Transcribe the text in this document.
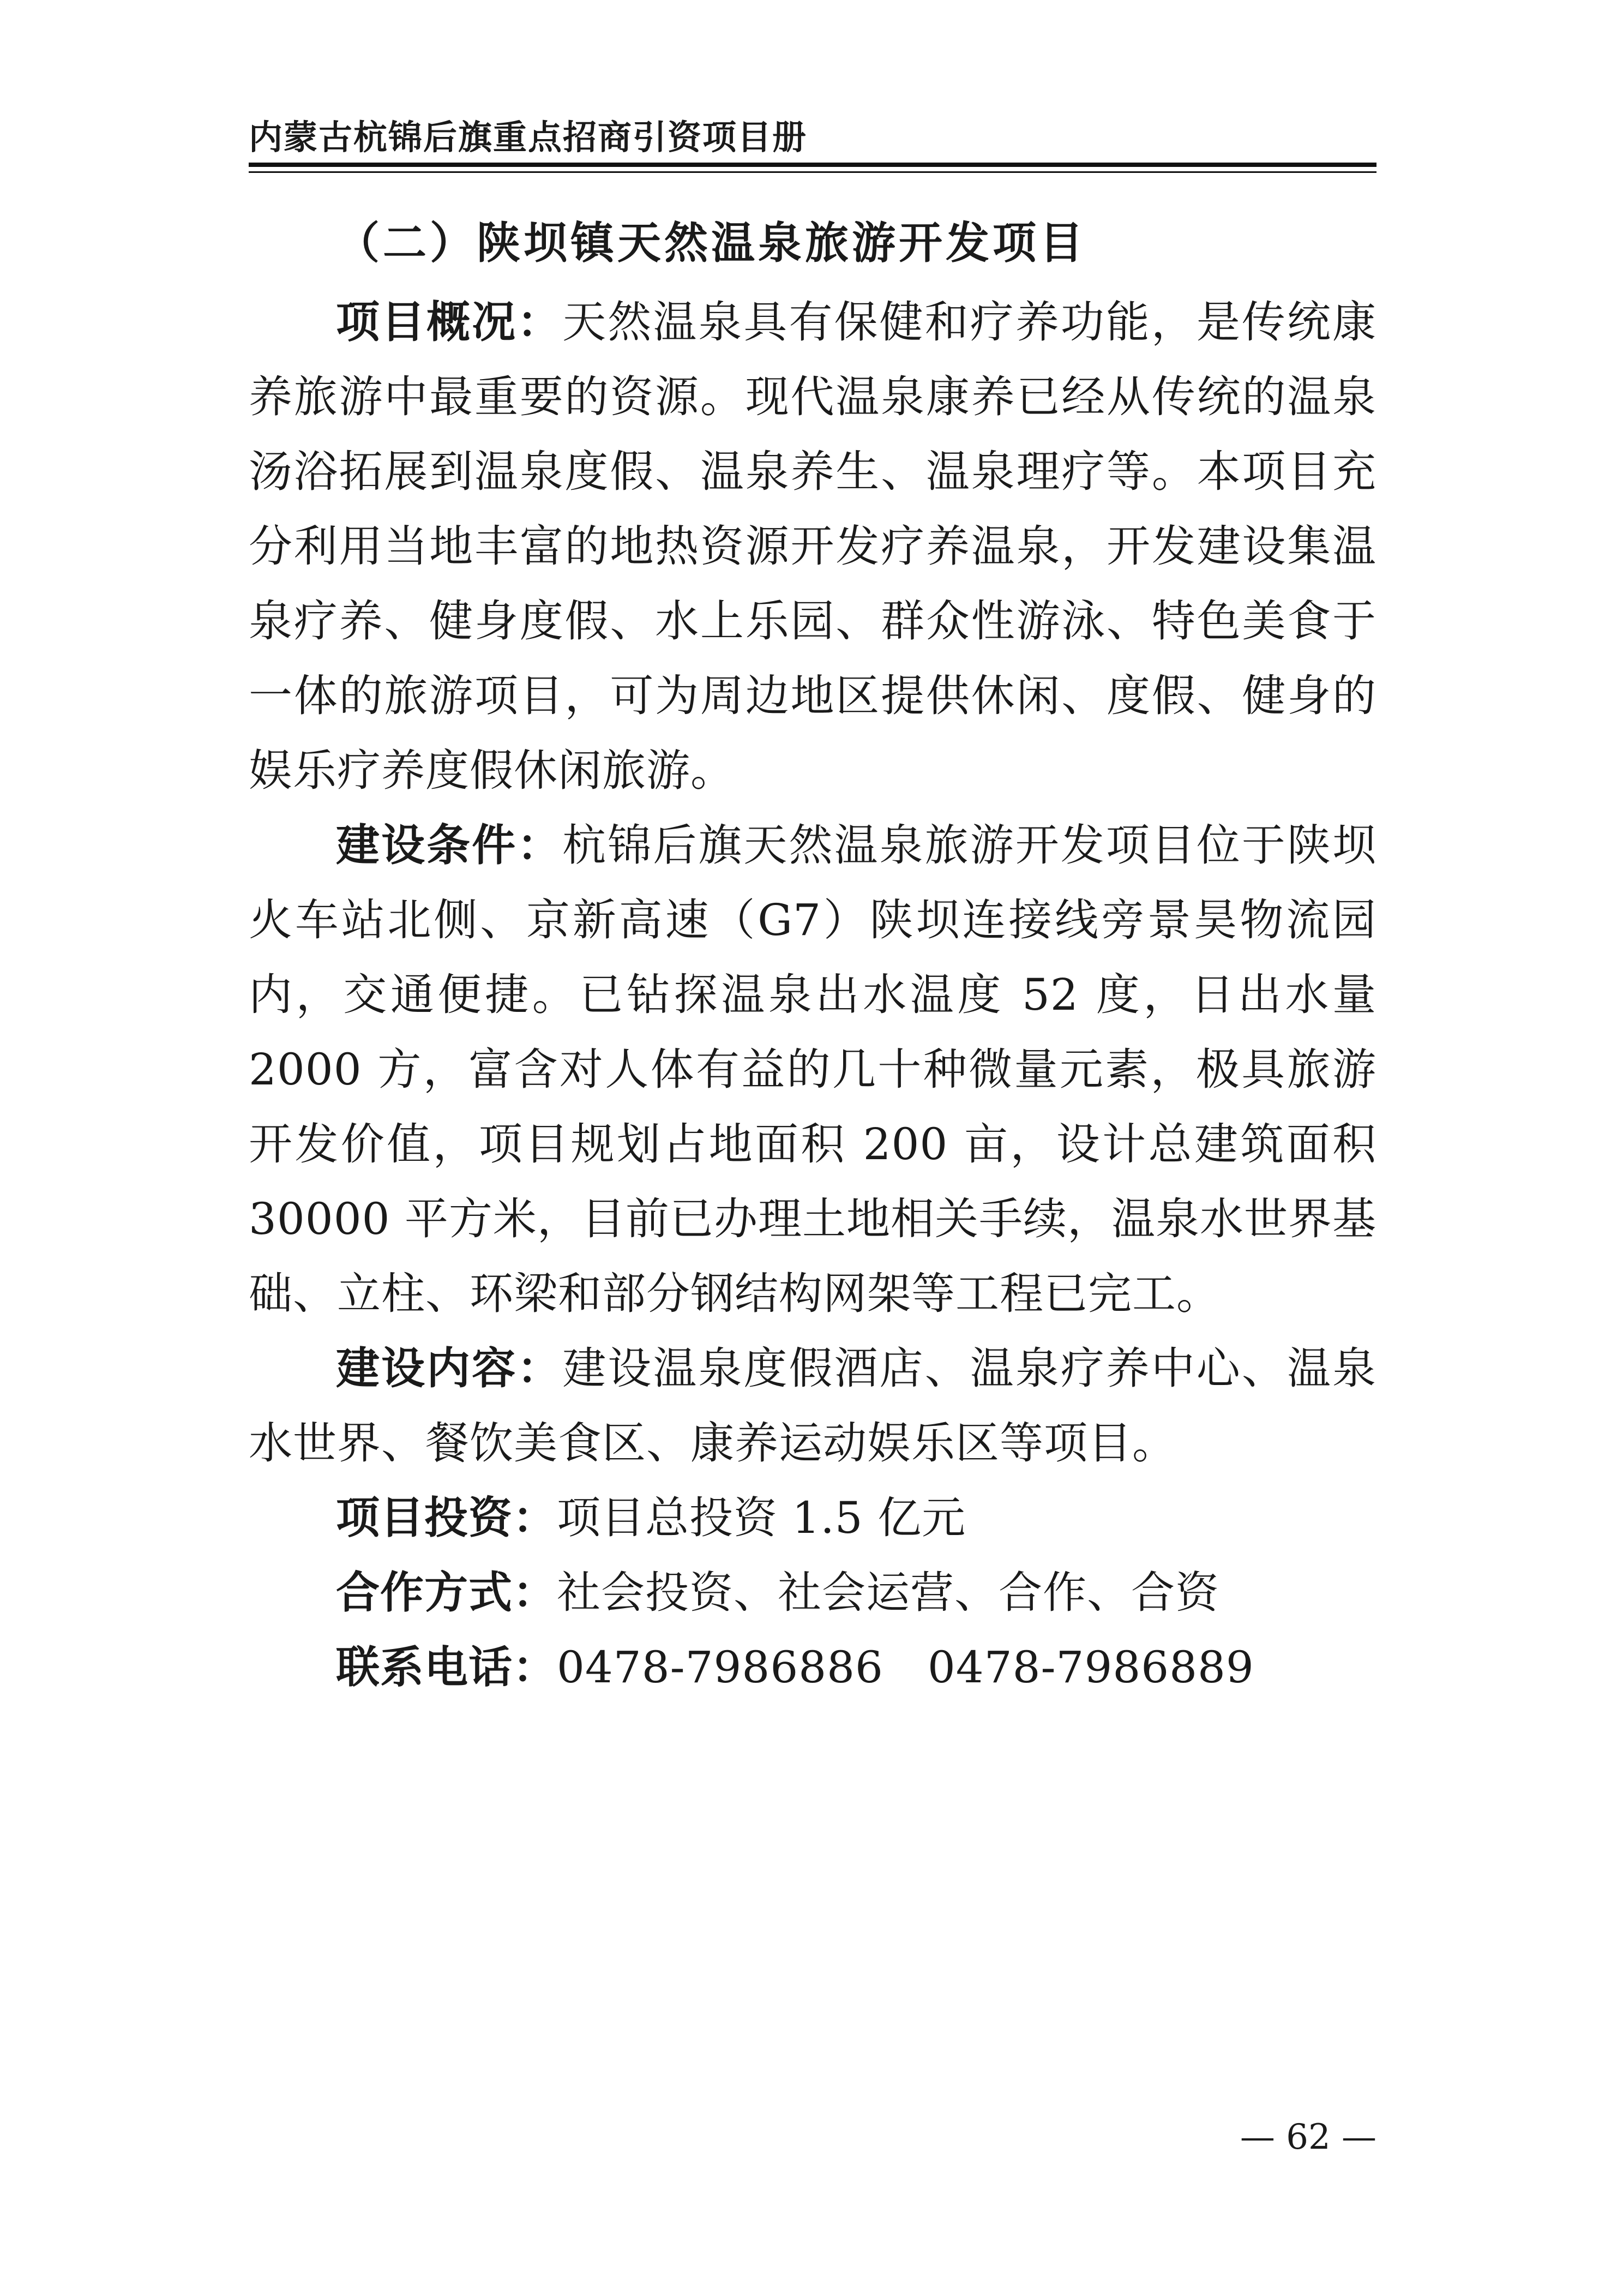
内蒙古杭锦后旗重点招商引资项目册
（二）陕坝镇天然温泉旅游开发项目

项目概况：天然温泉具有保健和疗养功能，是传统康养旅游中最重要的资源。现代温泉康养已经从传统的温泉汤浴拓展到温泉度假、温泉养生、温泉理疗等。本项目充分利用当地丰富的地热资源开发疗养温泉，开发建设集温泉疗养、健身度假、水上乐园、群众性游泳、特色美食于一体的旅游项目，可为周边地区提供休闲、度假、健身的娱乐疗养度假休闲旅游。

建设条件：杭锦后旗天然温泉旅游开发项目位于陕坝火车站北侧、京新高速（G7）陕坝连接线旁景昊物流园内，交通便捷。已钻探温泉出水温度 52 度，日出水量 2000 方，富含对人体有益的几十种微量元素，极具旅游开发价值，项目规划占地面积 200 亩，设计总建筑面积 30000 平方米，目前已办理土地相关手续，温泉水世界基础、立柱、环梁和部分钢结构网架等工程已完工。

建设内容：建设温泉度假酒店、温泉疗养中心、温泉水世界、餐饮美食区、康养运动娱乐区等项目。

项目投资：项目总投资 1.5 亿元

合作方式：社会投资、社会运营、合作、合资

联系电话：0478-7986886　0478-7986889

— 62 —
